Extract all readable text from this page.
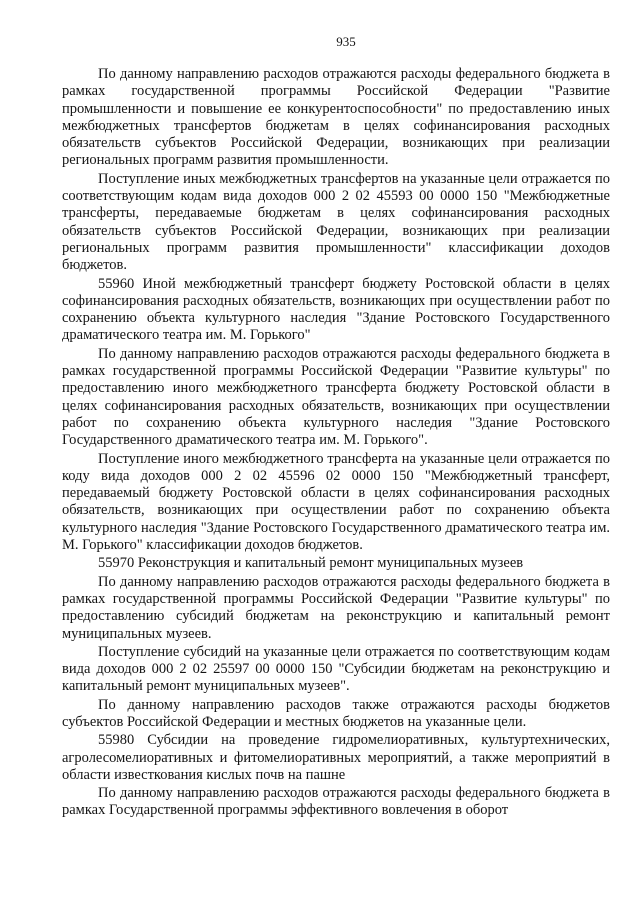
935

По данному направлению расходов отражаются расходы федерального бюджета в рамках государственной программы Российской Федерации "Развитие промышленности и повышение ее конкурентоспособности" по предоставлению иных межбюджетных трансфертов бюджетам в целях софинансирования расходных обязательств субъектов Российской Федерации, возникающих при реализации региональных программ развития промышленности.

Поступление иных межбюджетных трансфертов на указанные цели отражается по соответствующим кодам вида доходов 000 2 02 45593 00 0000 150 "Межбюджетные трансферты, передаваемые бюджетам в целях софинансирования расходных обязательств субъектов Российской Федерации, возникающих при реализации региональных программ развития промышленности" классификации доходов бюджетов.

55960 Иной межбюджетный трансферт бюджету Ростовской области в целях софинансирования расходных обязательств, возникающих при осуществлении работ по сохранению объекта культурного наследия "Здание Ростовского Государственного драматического театра им. М. Горького"

По данному направлению расходов отражаются расходы федерального бюджета в рамках государственной программы Российской Федерации "Развитие культуры" по предоставлению иного межбюджетного трансферта бюджету Ростовской области в целях софинансирования расходных обязательств, возникающих при осуществлении работ по сохранению объекта культурного наследия "Здание Ростовского Государственного драматического театра им. М. Горького".

Поступление иного межбюджетного трансферта на указанные цели отражается по коду вида доходов 000 2 02 45596 02 0000 150 "Межбюджетный трансферт, передаваемый бюджету Ростовской области в целях софинансирования расходных обязательств, возникающих при осуществлении работ по сохранению объекта культурного наследия "Здание Ростовского Государственного драматического театра им. М. Горького" классификации доходов бюджетов.

55970 Реконструкция и капитальный ремонт муниципальных музеев

По данному направлению расходов отражаются расходы федерального бюджета в рамках государственной программы Российской Федерации "Развитие культуры" по предоставлению субсидий бюджетам на реконструкцию и капитальный ремонт муниципальных музеев.

Поступление субсидий на указанные цели отражается по соответствующим кодам вида доходов 000 2 02 25597 00 0000 150 "Субсидии бюджетам на реконструкцию и капитальный ремонт муниципальных музеев".

По данному направлению расходов также отражаются расходы бюджетов субъектов Российской Федерации и местных бюджетов на указанные цели.

55980 Субсидии на проведение гидромелиоративных, культуртехнических, агролесомелиоративных и фитомелиоративных мероприятий, а также мероприятий в области известкования кислых почв на пашне

По данному направлению расходов отражаются расходы федерального бюджета в рамках Государственной программы эффективного вовлечения в оборот
